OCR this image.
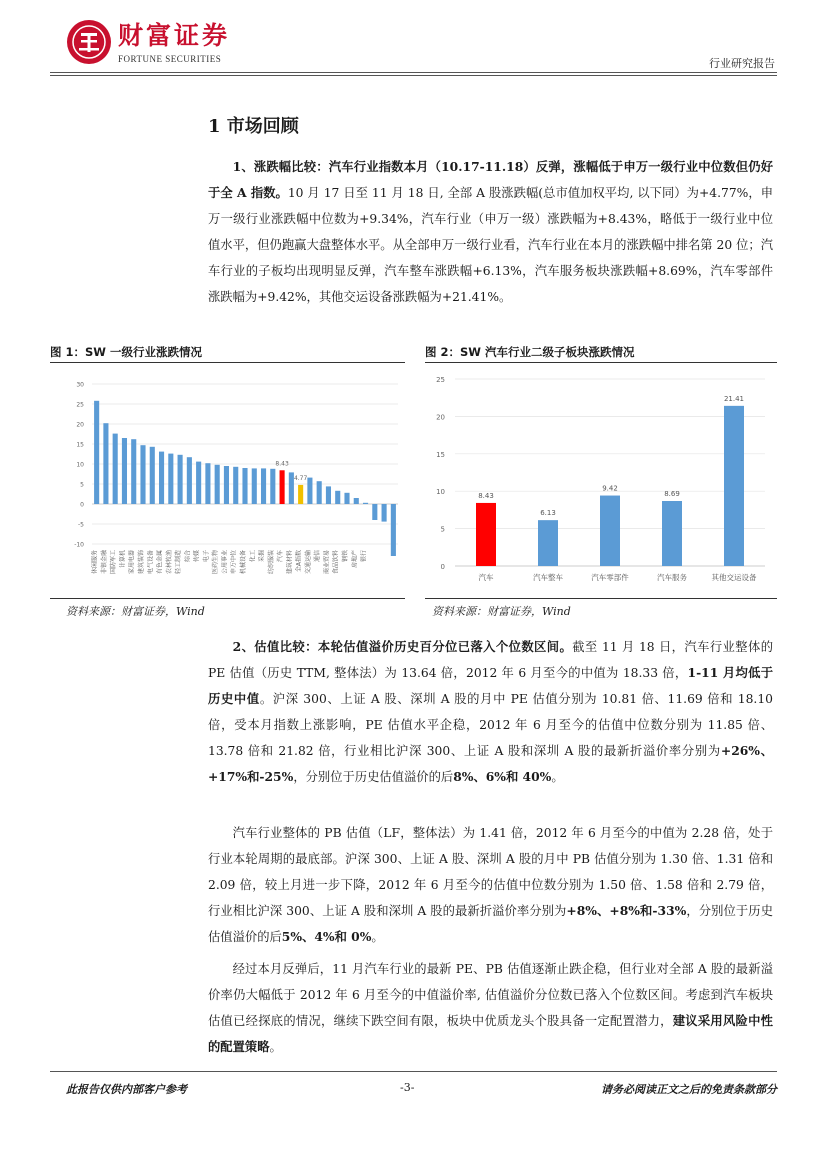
财富证券
FORTUNE SECURITIES	行业研究报告
1 市场回顾

1、涨跌幅比较：汽车行业指数本月（10.17-11.18）反弹，涨幅低于申万一级行业中位数但仍好于全 A 指数。10 月 17 日至 11 月 18 日, 全部 A 股涨跌幅(总市值加权平均, 以下同）为+4.77%，申万一级行业涨跌幅中位数为+9.34%，汽车行业（申万一级）涨跌幅为+8.43%，略低于一级行业中位值水平，但仍跑赢大盘整体水平。从全部申万一级行业看，汽车行业在本月的涨跌幅中排名第 20 位；汽车行业的子板均出现明显反弹，汽车整车涨跌幅+6.13%，汽车服务板块涨跌幅+8.69%，汽车零部件涨跌幅为+9.42%，其他交运设备涨跌幅为+21.41%。

图 1：SW 一级行业涨跌情况
30
25
20
15
10
5
0
-5
-10
休闲服务 非银金融 国防军工 计算机 家用电器 建筑装饰 电气设备 有色金属 农林牧渔 轻工制造 综合 传媒 电子 医药生物 公用事业 申万中位 机械设备 化工 采掘 纺织服装 汽车 建筑材料 全A指数 交通运输 通信 商业贸易 食品饮料 钢铁 房地产 银行
8.43
4.77
资料来源：财富证券，Wind
图 2：SW 汽车行业二级子板块涨跌情况
25
20
15
10
5
0
8.43
汽车
6.13
汽车整车
9.42
汽车零部件
8.69
汽车服务
21.41
其他交运设备
资料来源：财富证券，Wind

2、估值比较：本轮估值溢价历史百分位已落入个位数区间。截至 11 月 18 日，汽车行业整体的 PE 估值（历史 TTM, 整体法）为 13.64 倍，2012 年 6 月至今的中值为 18.33 倍，1-11 月均低于历史中值。沪深 300、上证 A 股、深圳 A 股的月中 PE 估值分别为 10.81 倍、11.69 倍和 18.10 倍，受本月指数上涨影响，PE 估值水平企稳，2012 年 6 月至今的估值中位数分别为 11.85 倍、13.78 倍和 21.82 倍，行业相比沪深 300、上证 A 股和深圳 A 股的最新折溢价率分别为+26%、+17%和-25%，分别位于历史估值溢价的后8%、6%和 40%。

汽车行业整体的 PB 估值（LF，整体法）为 1.41 倍，2012 年 6 月至今的中值为 2.28 倍，处于行业本轮周期的最底部。沪深 300、上证 A 股、深圳 A 股的月中 PB 估值分别为 1.30 倍、1.31 倍和 2.09 倍，较上月进一步下降，2012 年 6 月至今的估值中位数分别为 1.50 倍、1.58 倍和 2.79 倍，行业相比沪深 300、上证 A 股和深圳 A 股的最新折溢价率分别为+8%、+8%和-33%，分别位于历史估值溢价的后5%、4%和 0%。

经过本月反弹后，11 月汽车行业的最新 PE、PB 估值逐渐止跌企稳，但行业对全部 A 股的最新溢价率仍大幅低于 2012 年 6 月至今的中值溢价率, 估值溢价分位数已落入个位数区间。考虑到汽车板块估值已经探底的情况，继续下跌空间有限，板块中优质龙头个股具备一定配置潜力，建议采用风险中性的配置策略。

此报告仅供内部客户参考	-3-	请务必阅读正文之后的免责条款部分
